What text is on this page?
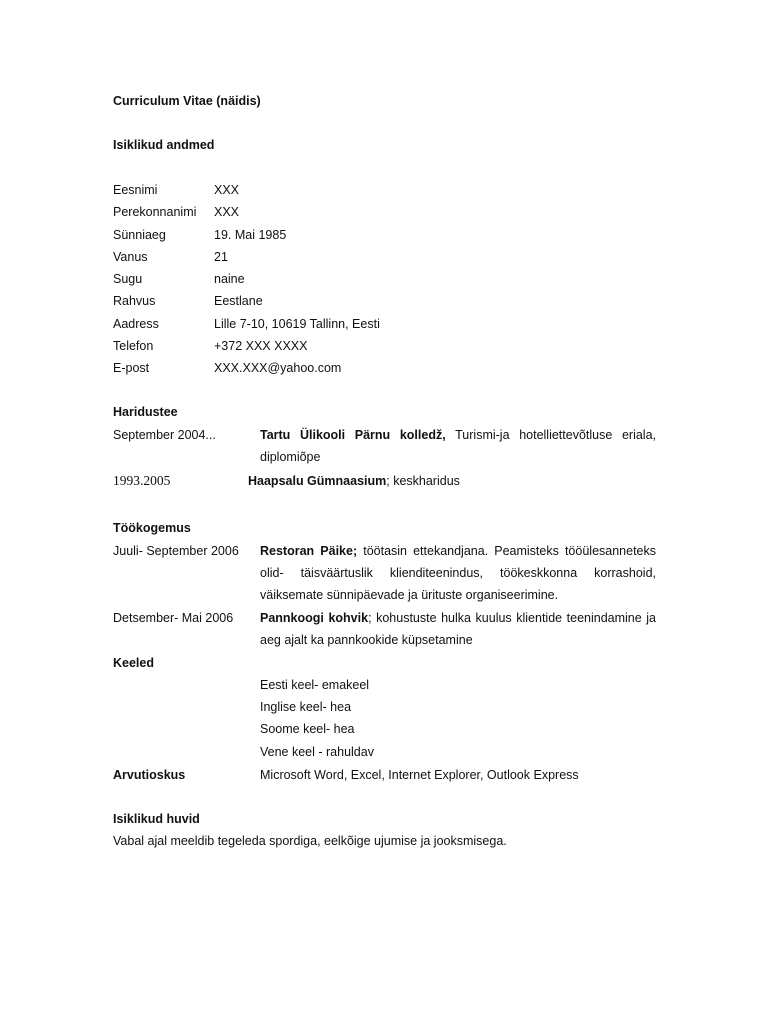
Curriculum Vitae (näidis)
Isiklikud andmed
Eesnimi	XXX
Perekonnanimi XXX
Sünniaeg	19. Mai 1985
Vanus	21
Sugu	naine
Rahvus	Eestlane
Aadress	Lille 7-10, 10619 Tallinn, Eesti
Telefon	+372 XXX XXXX
E-post	XXX.XXX@yahoo.com
Haridustee
September 2004...	Tartu Ülikooli Pärnu kolledž, Turismi-ja hotelliettevõtluse eriala,
diplomiõpe
1993.2005	Haapsalu Gümnaasium; keskharidus
Töökogemus
Juuli- September 2006 Restoran Päike; töötasin ettekandjana. Peamisteks tööülesanneteks
olid- täisväärtuslik klienditeenindus, töökeskkonna korrashoid,
väiksemate sünnipäevade ja ürituste organiseerimine.
Detsember- Mai 2006 Pannkoogi kohvik; kohustuste hulka kuulus klientide teenindamine ja
aeg ajalt ka pannkookide küpsetamine
Keeled
Eesti keel- emakeel
Inglise keel- hea
Soome keel- hea
Vene keel - rahuldav
Arvutioskus	Microsoft Word, Excel, Internet Explorer, Outlook Express
Isiklikud huvid
Vabal ajal meeldib tegeleda spordiga, eelkõige ujumise ja jooksmisega.
